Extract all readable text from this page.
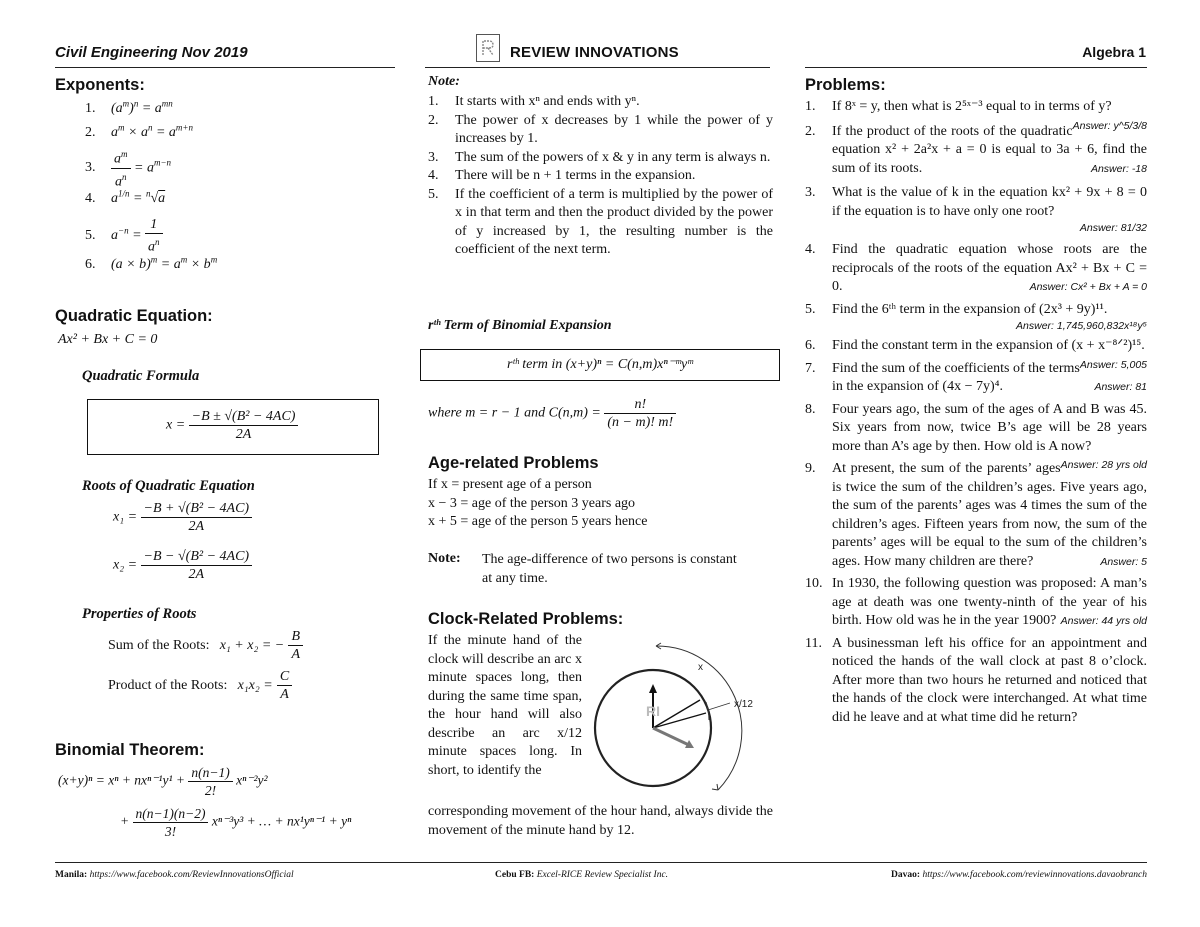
Civil Engineering Nov 2019	REVIEW INNOVATIONS	Algebra 1
Exponents:
1. $(a^m)^n = a^{mn}$
2. $a^m \times a^n = a^{m+n}$
3. $\frac{a^m}{a^n} = a^{m-n}$
4. $a^{1/n} = ^n√a$
5. $a^{-n} = \frac{1}{a^n}$
6. $(a \times b)^m = a^m \times b^m$
Quadratic Equation:
Ax² + Bx + C = 0
Quadratic Formula
$x = \frac{\text{−B ± √(B² − 4AC)}}{2A}$
Roots of Quadratic Equation
$x_1 = \frac{\text{−B + √(B² − 4AC)}}{2A}$
$x_2 = \frac{\text{−B − √(B² − 4AC)}}{2A}$
Properties of Roots
Sum of the Roots: x₁ + x₂ = − $\frac{B}{A}$
Product of the Roots: $x_1x_2 = \frac{C}{A}$
Binomial Theorem:
$(x+y)^n = x^n + nx^{n-1}y^1 + \frac{n(n-1)}{2!} x^{n-2}y^2$
+ $\frac{n(n-1)(n-2)}{3!} x^{n-3}y^3$ + … + nx¹yⁿ⁻¹ + yⁿ
Note:
1. It starts with xⁿ and ends with yⁿ.
2. The power of x decreases by 1 while the power of y increases by 1.
3. The sum of the powers of x & y in any term is always n.
4. There will be n + 1 terms in the expansion.
5. If the coefficient of a term is multiplied by the power of x in that term and then the product divided by the power of y increased by 1, the resulting number is the coefficient of the next term.
rᵗʰ Term of Binomial Expansion
rᵗʰ term in (x+y)ⁿ = C(n,m)xⁿ⁻ᵐyᵐ
where m = r − 1 and $C(n,m) = \frac{n!}{(n - m)! m!}$
Age-related Problems
If x = present age of a person
x − 3 = age of the person 3 years ago
x + 5 = age of the person 5 years hence
Note: The age-difference of two persons is constant at any time.
Clock-Related Problems:
If the minute hand of the clock will describe an arc x minute spaces long, then during the same time span, the hour hand will also describe an arc x/12 minute spaces long. In short, to identify the
corresponding movement of the hour hand, always divide the movement of the minute hand by 12.
RI
x
x/12
Problems:
1. If 8ˣ = y, then what is 2⁵ˣ⁻³ equal to in terms of y?
Answer: y^5/3/8
2. If the product of the roots of the quadratic equation x² + 2a²x + a = 0 is equal to 3a + 6, find the sum of its roots.	Answer: -18
3. What is the value of k in the equation kx² + 9x + 8 = 0 if the equation is to have only one root?
Answer: 81/32
4. Find the quadratic equation whose roots are the reciprocals of the roots of the equation Ax² + Bx + C = 0.	Answer: Cx² + Bx + A = 0
5. Find the 6ᵗʰ term in the expansion of (2x³ + 9y)¹¹.
Answer: 1,745,960,832x¹⁸y⁵
6. Find the constant term in the expansion of (x + x⁻⁸ᐟ²)¹⁵.
Answer: 5,005
7. Find the sum of the coefficients of the terms in the expansion of (4x − 7y)⁴.	Answer: 81
8. Four years ago, the sum of the ages of A and B was 45. Six years from now, twice B’s age will be 28 years more than A’s age by then. How old is A now?
Answer: 28 yrs old
9. At present, the sum of the parents’ ages is twice the sum of the children’s ages. Five years ago, the sum of the parents’ ages was 4 times the sum of the children’s ages. Fifteen years from now, the sum of the parents’ ages will be equal to the sum of the children’s ages. How many children are there?	Answer: 5
10. In 1930, the following question was proposed: A man’s age at death was one twenty-ninth of the year of his birth. How old was he in the year 1900? Answer: 44 yrs old
11. A businessman left his office for an appointment and noticed the hands of the wall clock at past 8 o’clock. After more than two hours he returned and noticed that the hands of the clock were interchanged. At what time did he leave and at what time did he return?
Manila: https://www.facebook.com/ReviewInnovationsOfficial	Cebu FB: Excel-RICE Review Specialist Inc.	Davao: https://www.facebook.com/reviewinnovations.davaobranch
